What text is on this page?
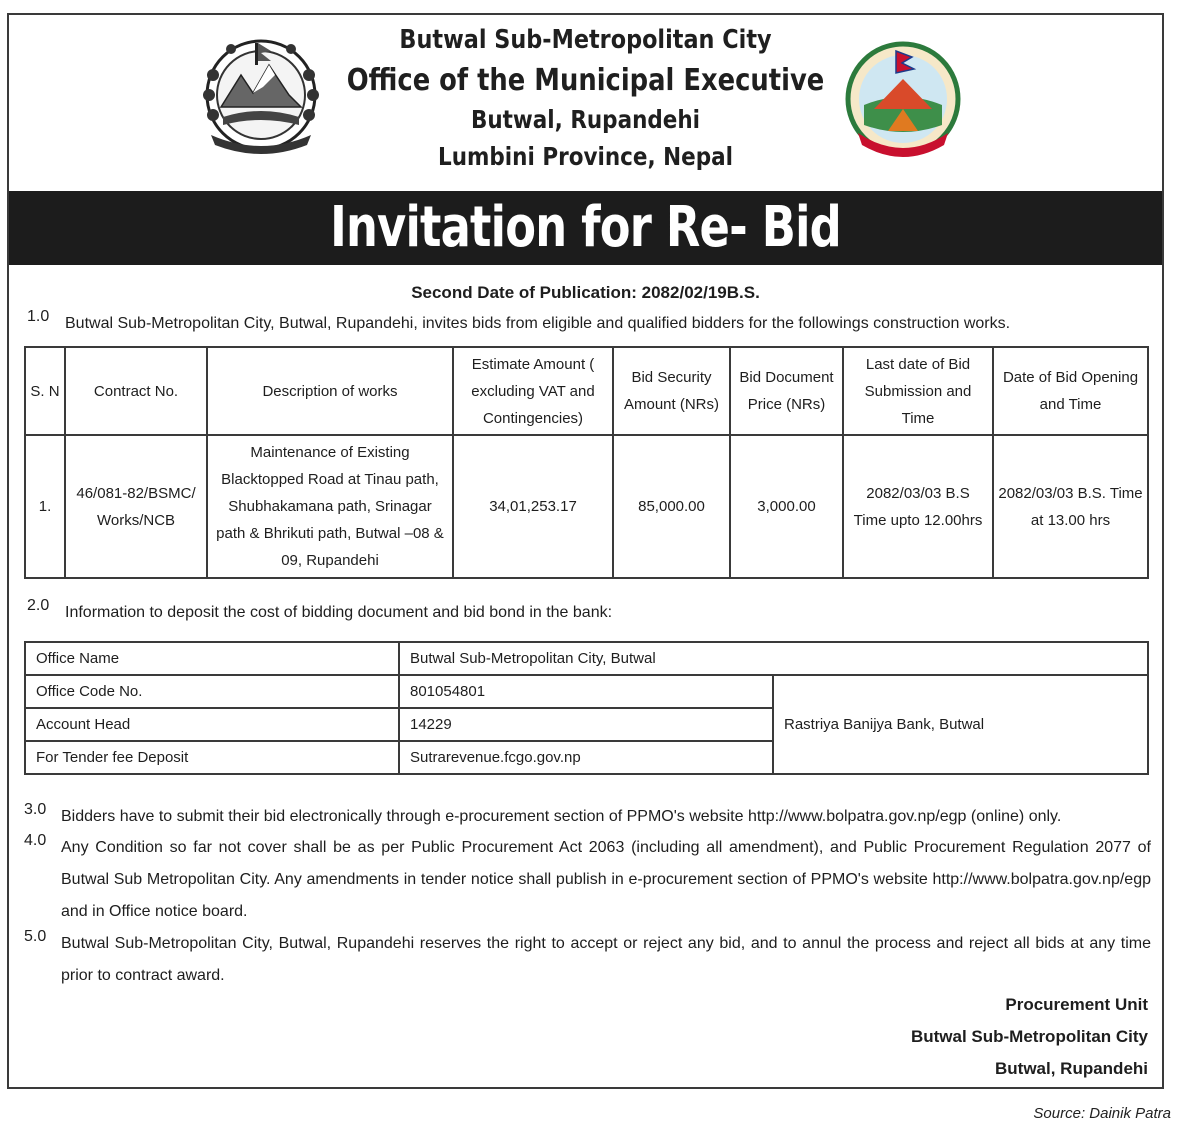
Butwal Sub-Metropolitan City
Office of the Municipal Executive
Butwal, Rupandehi
Lumbini Province, Nepal
Invitation for Re- Bid
Second Date of Publication: 2082/02/19B.S.
1.0 Butwal Sub-Metropolitan City, Butwal, Rupandehi, invites bids from eligible and qualified bidders for the followings construction works.
S. N	Contract No.	Description of works	Estimate Amount ( excluding VAT and Contingencies)	Bid Security Amount (NRs)	Bid Document Price (NRs)	Last date of Bid Submission and Time	Date of Bid Opening and Time
1.	46/081-82/BSMC/ Works/NCB	Maintenance of Existing Blacktopped Road at Tinau path, Shubhakamana path, Srinagar path & Bhrikuti path, Butwal –08 & 09, Rupandehi	34,01,253.17	85,000.00	3,000.00	2082/03/03 B.S Time upto 12.00hrs	2082/03/03 B.S. Time at 13.00 hrs
2.0 Information to deposit the cost of bidding document and bid bond in the bank:
Office Name	Butwal Sub-Metropolitan City, Butwal	
Office Code No.	801054801	Rastriya Banijya Bank, Butwal
Account Head	14229	
For Tender fee Deposit	Sutrarevenue.fcgo.gov.np	
3.0 Bidders have to submit their bid electronically through e-procurement section of PPMO's website http://www.bolpatra.gov.np/egp (online) only.
4.0 Any Condition so far not cover shall be as per Public Procurement Act 2063 (including all amendment), and Public Procurement Regulation 2077 of Butwal Sub Metropolitan City. Any amendments in tender notice shall publish in e-procurement section of PPMO's website http://www.bolpatra.gov.np/egp and in Office notice board.
5.0 Butwal Sub-Metropolitan City, Butwal, Rupandehi reserves the right to accept or reject any bid, and to annul the process and reject all bids at any time prior to contract award.
Procurement Unit
Butwal Sub-Metropolitan City
Butwal, Rupandehi
Source: Dainik Patra
